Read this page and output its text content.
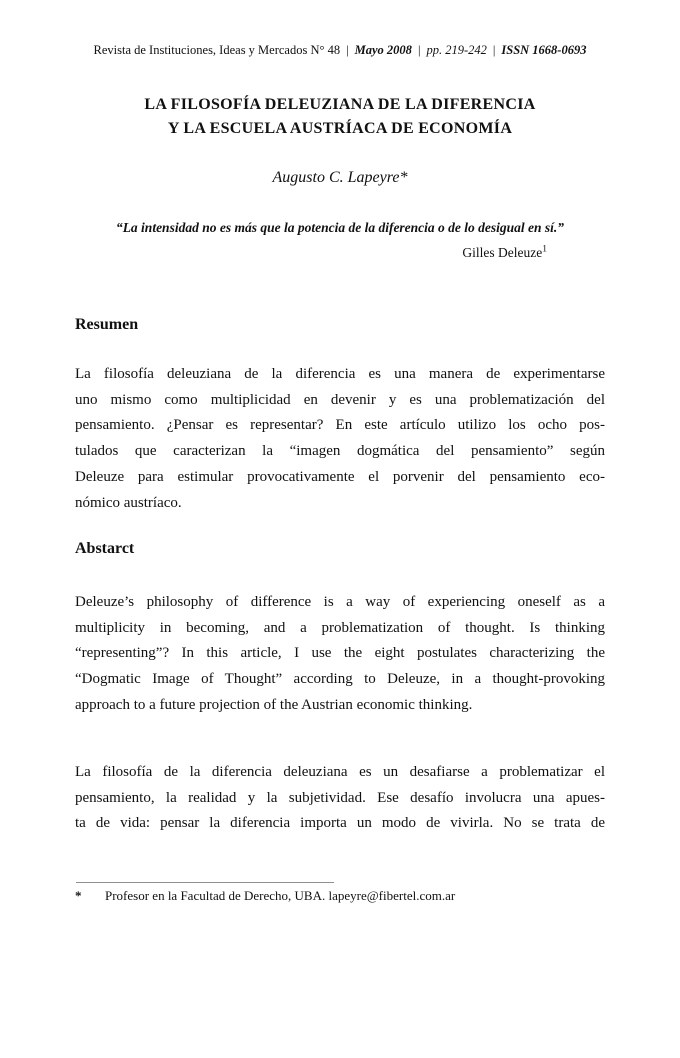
Revista de Instituciones, Ideas y Mercados N° 48 | Mayo 2008 | pp. 219-242 | ISSN 1668-0693
LA FILOSOFÍA DELEUZIANA DE LA DIFERENCIA
Y LA ESCUELA AUSTRÍACA DE ECONOMÍA
Augusto C. Lapeyre*
“La intensidad no es más que la potencia de la diferencia o de lo desigual en sí.”
Gilles Deleuze$^1$
Resumen
La filosofía deleuziana de la diferencia es una manera de experimentarse
uno mismo como multiplicidad en devenir y es una problematización del
pensamiento. ¿Pensar es representar? En este artículo utilizo los ocho pos-
tulados que caracterizan la “imagen dogmática del pensamiento” según
Deleuze para estimular provocativamente el porvenir del pensamiento eco-
nómico austríaco.
Abstarct
Deleuze’s philosophy of difference is a way of experiencing oneself as a
multiplicity in becoming, and a problematization of thought. Is thinking
“representing”? In this article, I use the eight postulates characterizing the
“Dogmatic Image of Thought” according to Deleuze, in a thought-provoking
approach to a future projection of the Austrian economic thinking.
La filosofía de la diferencia deleuziana es un desafiarse a problematizar el
pensamiento, la realidad y la subjetividad. Ese desafío involucra una apues-
ta de vida: pensar la diferencia importa un modo de vivirla. No se trata de
*	Profesor en la Facultad de Derecho, UBA. lapeyre@fibertel.com.ar
